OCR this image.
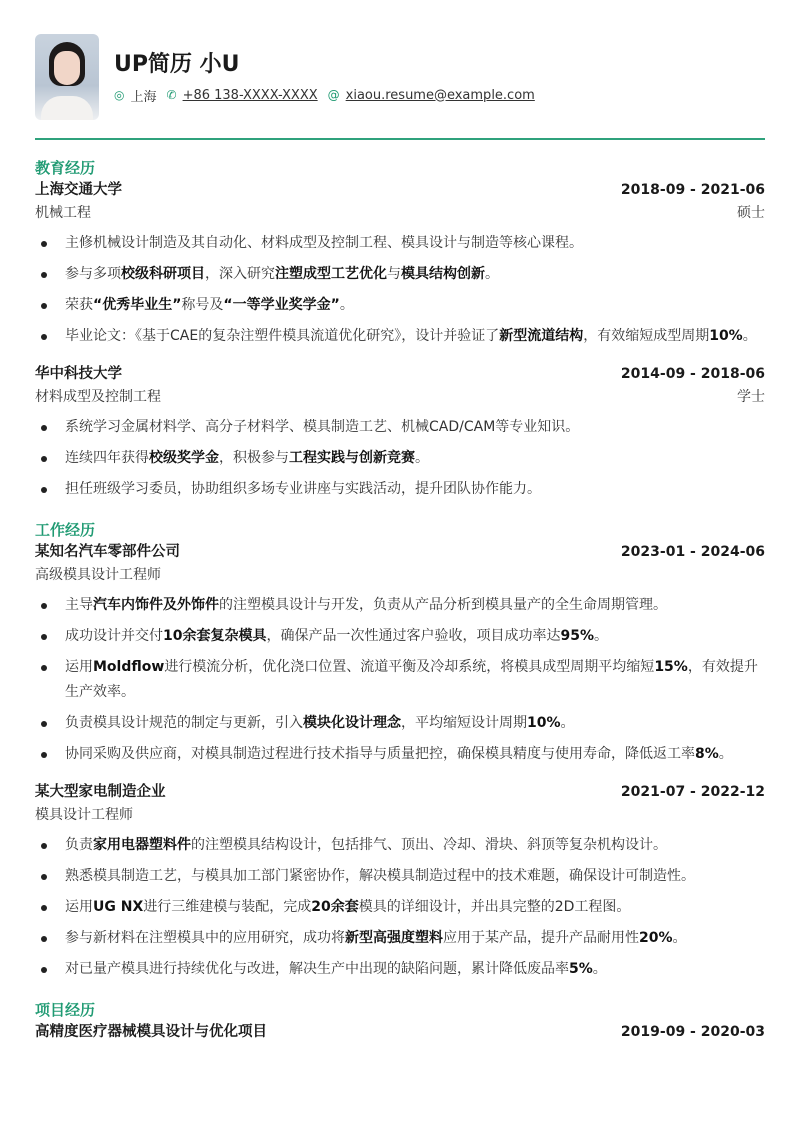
UP简历 小U
◎ 上海 ✆ +86 138-XXXX-XXXX @ xiaou.resume@example.com
教育经历
上海交通大学	2018-09 - 2021-06
机械工程	硕士
主修机械设计制造及其自动化、材料成型及控制工程、模具设计与制造等核心课程。
参与多项校级科研项目，深入研究注塑成型工艺优化与模具结构创新。
荣获“优秀毕业生”称号及“一等学业奖学金”。
毕业论文：《基于CAE的复杂注塑件模具流道优化研究》，设计并验证了新型流道结构，有效缩短成型周期10%。
华中科技大学	2014-09 - 2018-06
材料成型及控制工程	学士
系统学习金属材料学、高分子材料学、模具制造工艺、机械CAD/CAM等专业知识。
连续四年获得校级奖学金，积极参与工程实践与创新竞赛。
担任班级学习委员，协助组织多场专业讲座与实践活动，提升团队协作能力。
工作经历
某知名汽车零部件公司	2023-01 - 2024-06
高级模具设计工程师
主导汽车内饰件及外饰件的注塑模具设计与开发，负责从产品分析到模具量产的全生命周期管理。
成功设计并交付10余套复杂模具，确保产品一次性通过客户验收，项目成功率达95%。
运用Moldflow进行模流分析，优化浇口位置、流道平衡及冷却系统，将模具成型周期平均缩短15%，有效提升生产效率。
负责模具设计规范的制定与更新，引入模块化设计理念，平均缩短设计周期10%。
协同采购及供应商，对模具制造过程进行技术指导与质量把控，确保模具精度与使用寿命，降低返工率8%。
某大型家电制造企业	2021-07 - 2022-12
模具设计工程师
负责家用电器塑料件的注塑模具结构设计，包括排气、顶出、冷却、滑块、斜顶等复杂机构设计。
熟悉模具制造工艺，与模具加工部门紧密协作，解决模具制造过程中的技术难题，确保设计可制造性。
运用UG NX进行三维建模与装配，完成20余套模具的详细设计，并出具完整的2D工程图。
参与新材料在注塑模具中的应用研究，成功将新型高强度塑料应用于某产品，提升产品耐用性20%。
对已量产模具进行持续优化与改进，解决生产中出现的缺陷问题，累计降低废品率5%。
项目经历
高精度医疗器械模具设计与优化项目	2019-09 - 2020-03
